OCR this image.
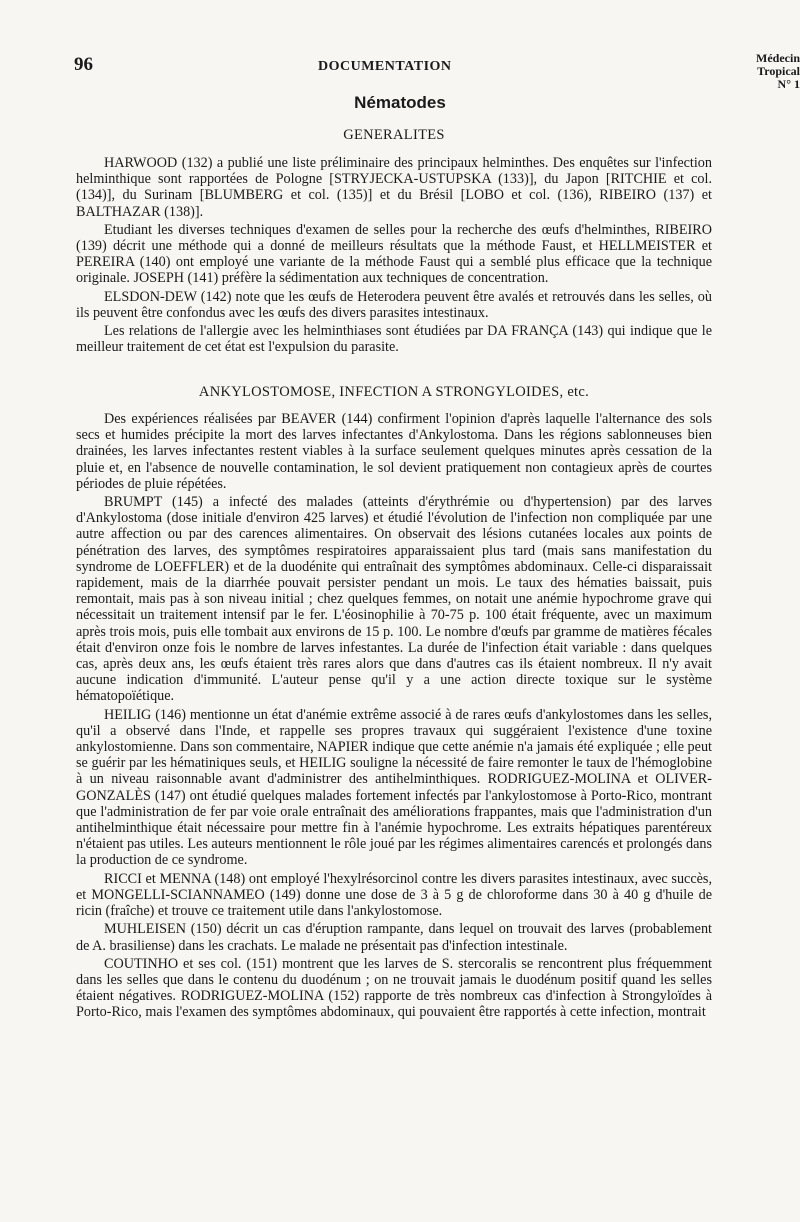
96	DOCUMENTATION
Médecin
Tropical
N° 1
Nématodes
GENERALITES

HARWOOD (132) a publié une liste préliminaire des principaux helminthes. Des enquêtes sur l'infection helminthique sont rapportées de Pologne [STRYJECKA-USTUPSKA (133)], du Japon [RITCHIE et col. (134)], du Surinam [BLUMBERG et col. (135)] et du Brésil [LOBO et col. (136), RIBEIRO (137) et BALTHAZAR (138)].

Etudiant les diverses techniques d'examen de selles pour la recherche des œufs d'helminthes, RIBEIRO (139) décrit une méthode qui a donné de meilleurs résultats que la méthode Faust, et HELLMEISTER et PEREIRA (140) ont employé une variante de la méthode Faust qui a semblé plus efficace que la technique originale. JOSEPH (141) préfère la sédimentation aux techniques de concentration.

ELSDON-DEW (142) note que les œufs de Heterodera peuvent être avalés et retrouvés dans les selles, où ils peuvent être confondus avec les œufs des divers parasites intestinaux.

Les relations de l'allergie avec les helminthiases sont étudiées par DA FRANÇA (143) qui indique que le meilleur traitement de cet état est l'expulsion du parasite.

ANKYLOSTOMOSE, INFECTION A STRONGYLOIDES, etc.

Des expériences réalisées par BEAVER (144) confirment l'opinion d'après laquelle l'alternance des sols secs et humides précipite la mort des larves infectantes d'Ankylostoma. Dans les régions sablonneuses bien drainées, les larves infectantes restent viables à la surface seulement quelques minutes après cessation de la pluie et, en l'absence de nouvelle contamination, le sol devient pratiquement non contagieux après de courtes périodes de pluie répétées.

BRUMPT (145) a infecté des malades (atteints d'érythrémie ou d'hypertension) par des larves d'Ankylostoma (dose initiale d'environ 425 larves) et étudié l'évolution de l'infection non compliquée par une autre affection ou par des carences alimentaires. On observait des lésions cutanées locales aux points de pénétration des larves, des symptômes respiratoires apparaissaient plus tard (mais sans manifestation du syndrome de LOEFFLER) et de la duodénite qui entraînait des symptômes abdominaux. Celle-ci disparaissait rapidement, mais de la diarrhée pouvait persister pendant un mois. Le taux des hématies baissait, puis remontait, mais pas à son niveau initial ; chez quelques femmes, on notait une anémie hypochrome grave qui nécessitait un traitement intensif par le fer. L'éosinophilie à 70-75 p. 100 était fréquente, avec un maximum après trois mois, puis elle tombait aux environs de 15 p. 100. Le nombre d'œufs par gramme de matières fécales était d'environ onze fois le nombre de larves infestantes. La durée de l'infection était variable : dans quelques cas, après deux ans, les œufs étaient très rares alors que dans d'autres cas ils étaient nombreux. Il n'y avait aucune indication d'immunité. L'auteur pense qu'il y a une action directe toxique sur le système hématopoïétique.

HEILIG (146) mentionne un état d'anémie extrême associé à de rares œufs d'ankylostomes dans les selles, qu'il a observé dans l'Inde, et rappelle ses propres travaux qui suggéraient l'existence d'une toxine ankylostomienne. Dans son commentaire, NAPIER indique que cette anémie n'a jamais été expliquée ; elle peut se guérir par les hématiniques seuls, et HEILIG souligne la nécessité de faire remonter le taux de l'hémoglobine à un niveau raisonnable avant d'administrer des antihelminthiques. RODRIGUEZ-MOLINA et OLIVER-GONZALÈS (147) ont étudié quelques malades fortement infectés par l'ankylostomose à Porto-Rico, montrant que l'administration de fer par voie orale entraînait des améliorations frappantes, mais que l'administration d'un antihelminthique était nécessaire pour mettre fin à l'anémie hypochrome. Les extraits hépatiques parentéreux n'étaient pas utiles. Les auteurs mentionnent le rôle joué par les régimes alimentaires carencés et prolongés dans la production de ce syndrome.

RICCI et MENNA (148) ont employé l'hexylrésorcinol contre les divers parasites intestinaux, avec succès, et MONGELLI-SCIANNAMEO (149) donne une dose de 3 à 5 g de chloroforme dans 30 à 40 g d'huile de ricin (fraîche) et trouve ce traitement utile dans l'ankylostomose.

MUHLEISEN (150) décrit un cas d'éruption rampante, dans lequel on trouvait des larves (probablement de A. brasiliense) dans les crachats. Le malade ne présentait pas d'infection intestinale.

COUTINHO et ses col. (151) montrent que les larves de S. stercoralis se rencontrent plus fréquemment dans les selles que dans le contenu du duodénum ; on ne trouvait jamais le duodénum positif quand les selles étaient négatives. RODRIGUEZ-MOLINA (152) rapporte de très nombreux cas d'infection à Strongyloïdes à Porto-Rico, mais l'examen des symptômes abdominaux, qui pouvaient être rapportés à cette infection, montrait
